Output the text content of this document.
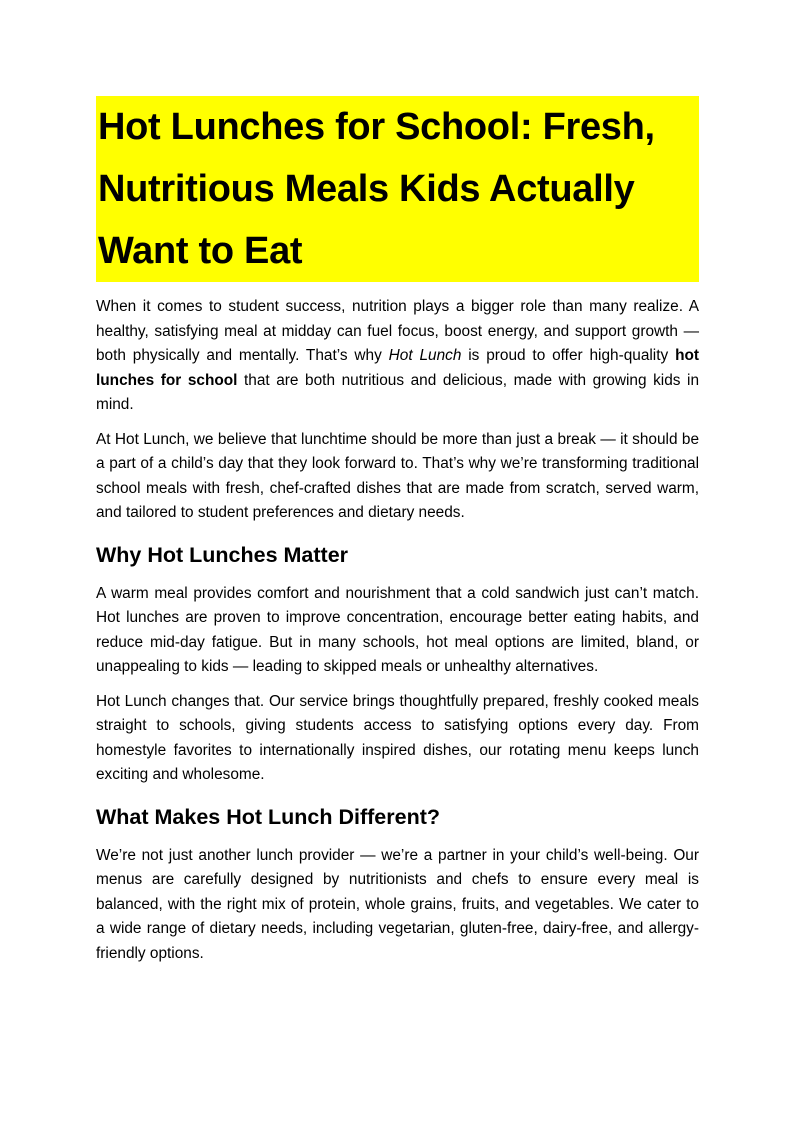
Hot Lunches for School: Fresh, Nutritious Meals Kids Actually Want to Eat

When it comes to student success, nutrition plays a bigger role than many realize. A healthy, satisfying meal at midday can fuel focus, boost energy, and support growth — both physically and mentally. That’s why Hot Lunch is proud to offer high-quality hot lunches for school that are both nutritious and delicious, made with growing kids in mind.

At Hot Lunch, we believe that lunchtime should be more than just a break — it should be a part of a child’s day that they look forward to. That’s why we’re transforming traditional school meals with fresh, chef-crafted dishes that are made from scratch, served warm, and tailored to student preferences and dietary needs.

Why Hot Lunches Matter

A warm meal provides comfort and nourishment that a cold sandwich just can’t match. Hot lunches are proven to improve concentration, encourage better eating habits, and reduce mid-day fatigue. But in many schools, hot meal options are limited, bland, or unappealing to kids — leading to skipped meals or unhealthy alternatives.

Hot Lunch changes that. Our service brings thoughtfully prepared, freshly cooked meals straight to schools, giving students access to satisfying options every day. From homestyle favorites to internationally inspired dishes, our rotating menu keeps lunch exciting and wholesome.

What Makes Hot Lunch Different?

We’re not just another lunch provider — we’re a partner in your child’s well-being. Our menus are carefully designed by nutritionists and chefs to ensure every meal is balanced, with the right mix of protein, whole grains, fruits, and vegetables. We cater to a wide range of dietary needs, including vegetarian, gluten-free, dairy-free, and allergy-friendly options.
